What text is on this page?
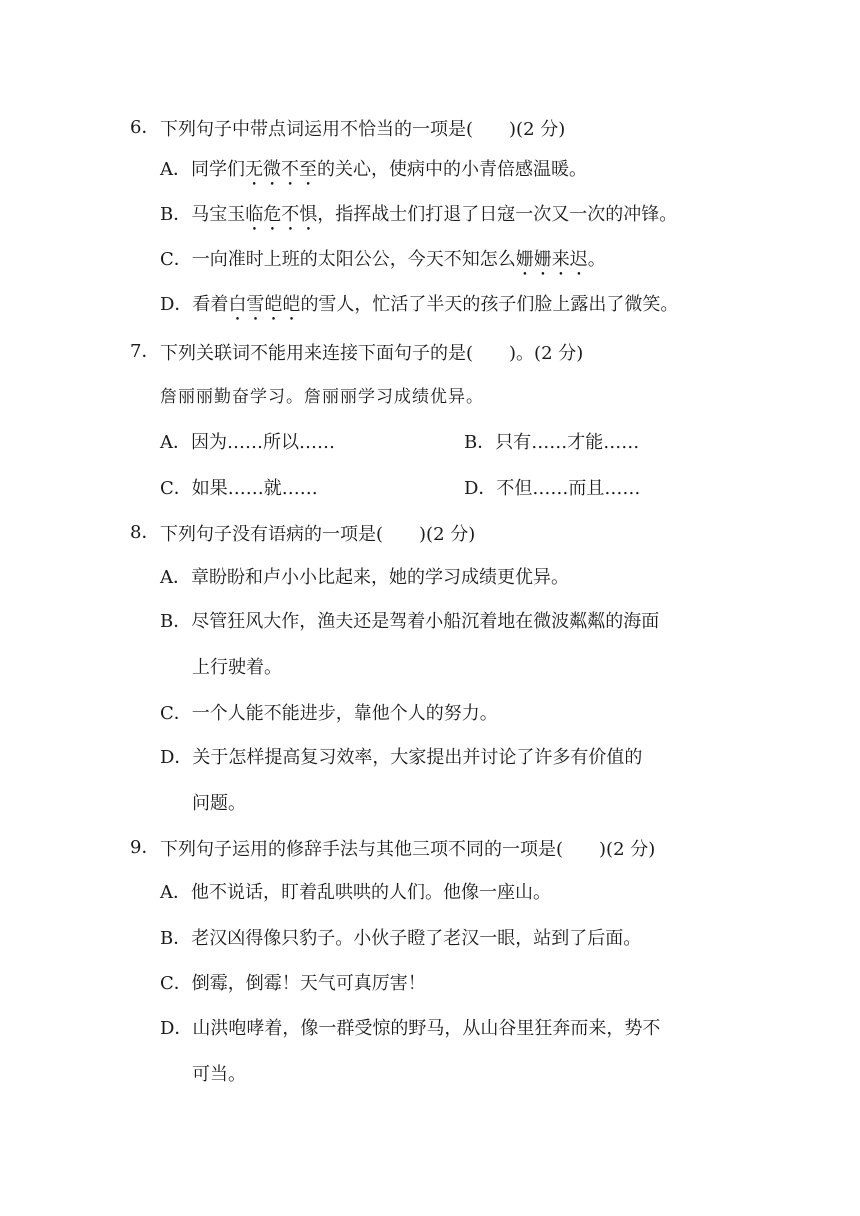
6． 下列句子中带点词运用不恰当的一项是(　　)(2 分)
A．同学们无微不至的关心，使病中的小青倍感温暖。
B．马宝玉临危不惧，指挥战士们打退了日寇一次又一次的冲锋。
C．一向准时上班的太阳公公，今天不知怎么姗姗来迟。
D．看着白雪皑皑的雪人，忙活了半天的孩子们脸上露出了微笑。
7． 下列关联词不能用来连接下面句子的是(　　)。(2 分)
詹丽丽勤奋学习。詹丽丽学习成绩优异。
A．因为……所以……	B．只有……才能……
C．如果……就……	D．不但……而且……
8． 下列句子没有语病的一项是(　　)(2 分)
A．章盼盼和卢小小比起来，她的学习成绩更优异。
B．尽管狂风大作，渔夫还是驾着小船沉着地在微波粼粼的海面
上行驶着。
C．一个人能不能进步，靠他个人的努力。
D．关于怎样提高复习效率，大家提出并讨论了许多有价值的
问题。
9． 下列句子运用的修辞手法与其他三项不同的一项是(　　)(2 分)
A．他不说话，盯着乱哄哄的人们。他像一座山。
B．老汉凶得像只豹子。小伙子瞪了老汉一眼，站到了后面。
C．倒霉，倒霉！天气可真厉害！
D．山洪咆哮着，像一群受惊的野马，从山谷里狂奔而来，势不
可当。
